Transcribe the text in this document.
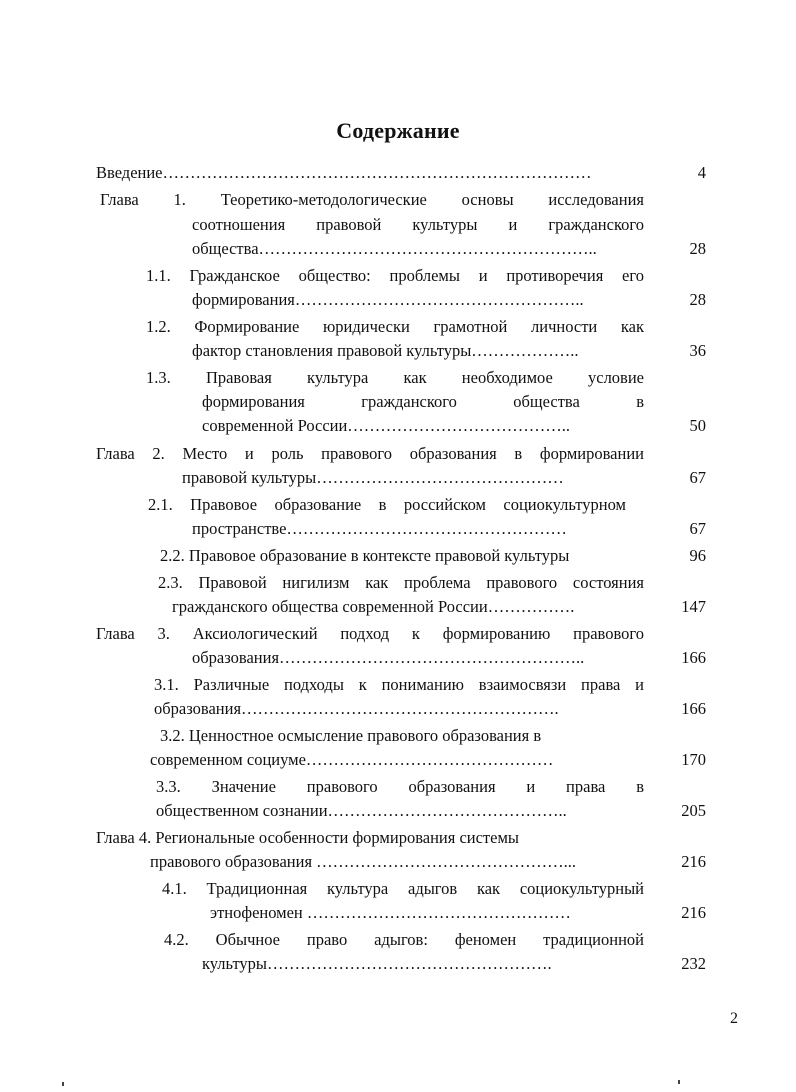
Содержание
Введение……………………………………………………………………	4
Глава 1. Теоретико-методологические основы исследования
соотношения правовой культуры и гражданского
общества……………………………………………………..	28
1.1. Гражданское общество: проблемы и противоречия его
формирования……………………………………………..	28
1.2. Формирование юридически грамотной личности как
фактор становления правовой культуры………………..	36
1.3. Правовая культура как необходимое условие
формирования гражданского общества в
современной России…………………………………..	50
Глава 2. Место и роль правового образования в формировании
правовой культуры………………………………………	67
2.1. Правовое образование в российском социокультурном
пространстве……………………………………………	67
2.2. Правовое образование в контексте правовой культуры	96
2.3. Правовой нигилизм как проблема правового состояния
гражданского общества современной России…………….	147
Глава 3. Аксиологический подход к формированию правового
образования………………………………………………..	166
3.1. Различные подходы к пониманию взаимосвязи права и
образования………………………………………………….	166
3.2. Ценностное осмысление правового образования в
современном социуме………………………………………	170
3.3. Значение правового образования и права в
общественном сознании……………………………………..	205
Глава 4. Региональные особенности формирования системы
правового образования ………………………………………...	216
4.1. Традиционная культура адыгов как социокультурный
этнофеномен …………………………………………	216
4.2. Обычное право адыгов: феномен традиционной
культуры…………………………………………….	232
2
